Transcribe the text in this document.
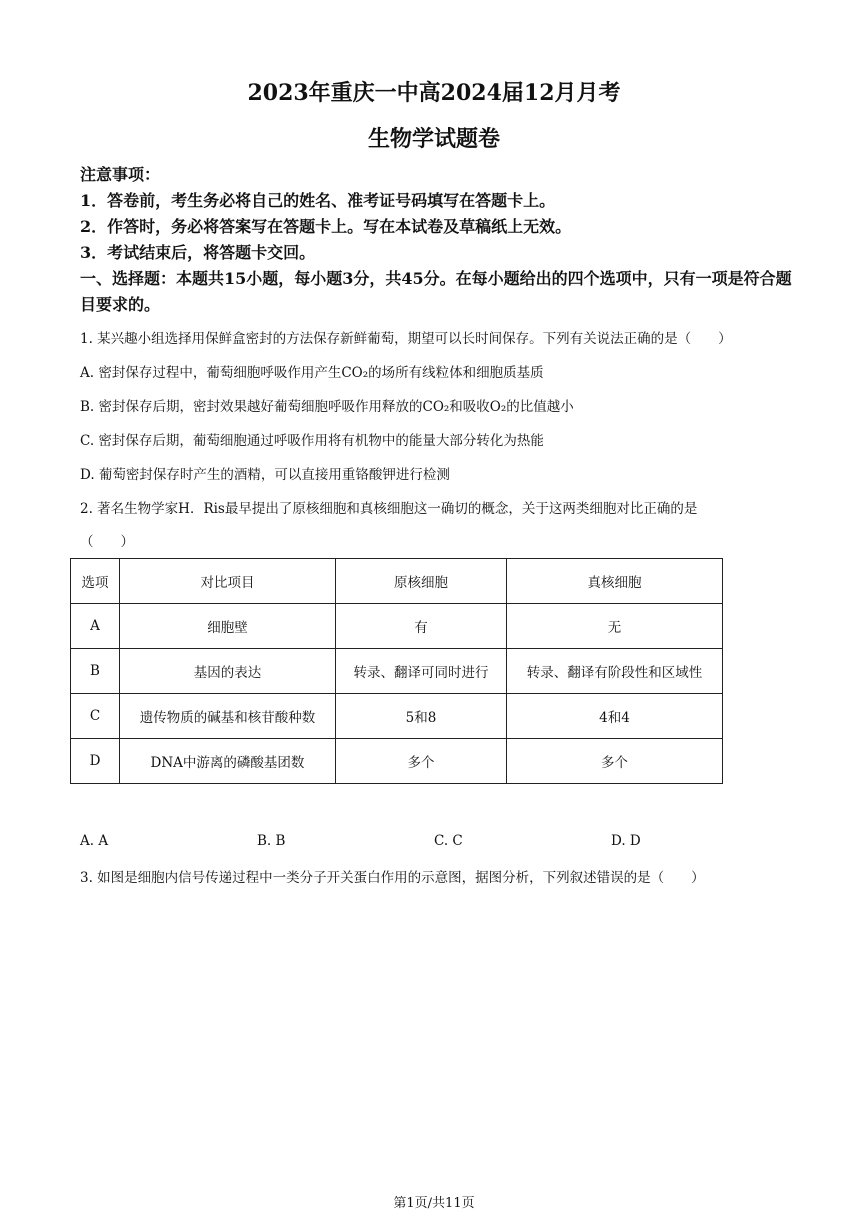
2023年重庆一中高2024届12月月考
生物学试题卷
注意事项：
1．答卷前，考生务必将自己的姓名、准考证号码填写在答题卡上。
2．作答时，务必将答案写在答题卡上。写在本试卷及草稿纸上无效。
3．考试结束后，将答题卡交回。
一、选择题：本题共15小题，每小题3分，共45分。在每小题给出的四个选项中，只有一项是符合题目要求的。
1. 某兴趣小组选择用保鲜盒密封的方法保存新鲜葡萄，期望可以长时间保存。下列有关说法正确的是（　　）
A. 密封保存过程中，葡萄细胞呼吸作用产生CO₂的场所有线粒体和细胞质基质
B. 密封保存后期，密封效果越好葡萄细胞呼吸作用释放的CO₂和吸收O₂的比值越小
C. 密封保存后期，葡萄细胞通过呼吸作用将有机物中的能量大部分转化为热能
D. 葡萄密封保存时产生的酒精，可以直接用重铬酸钾进行检测
2. 著名生物学家H．Ris最早提出了原核细胞和真核细胞这一确切的概念，关于这两类细胞对比正确的是
（　　）
选项	对比项目	原核细胞	真核细胞
A	细胞壁	有	无
B	基因的表达	转录、翻译可同时进行	转录、翻译有阶段性和区域性
C	遗传物质的碱基和核苷酸种数	5和8	4和4
D	DNA中游离的磷酸基团数	多个	多个
A. A	B. B	C. C	D. D
3. 如图是细胞内信号传递过程中一类分子开关蛋白作用的示意图，据图分析，下列叙述错误的是（　　）
第1页/共11页
